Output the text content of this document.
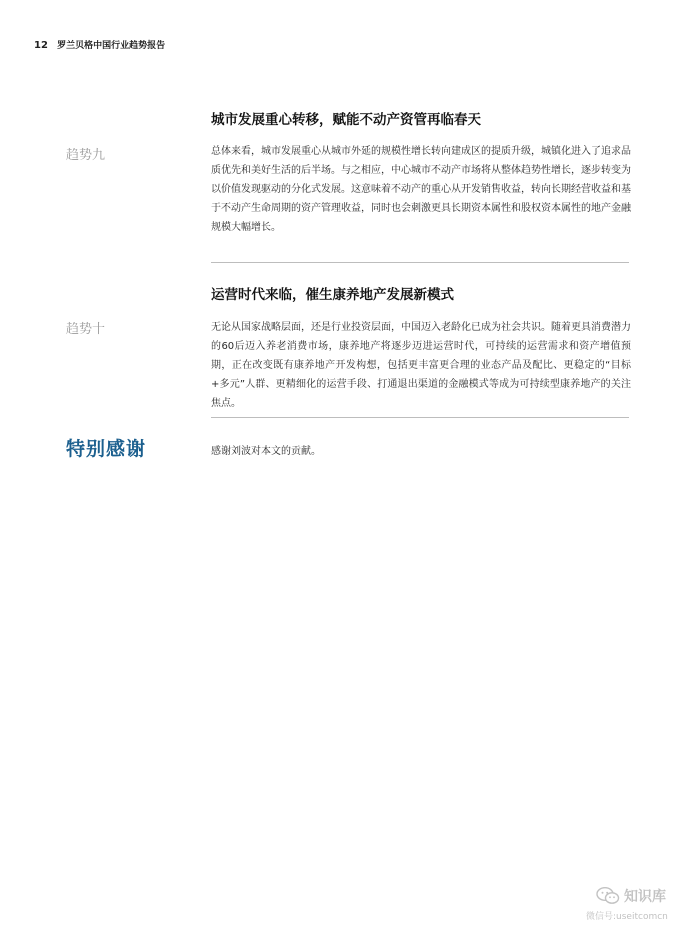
12 罗兰贝格中国行业趋势报告
城市发展重心转移，赋能不动产资管再临春天
趋势九	总体来看，城市发展重心从城市外延的规模性增长转向建成区的提质升级，城镇化进入了追求品质优先和美好生活的后半场。与之相应，中心城市不动产市场将从整体趋势性增长，逐步转变为以价值发现驱动的分化式发展。这意味着不动产的重心从开发销售收益，转向长期经营收益和基于不动产生命周期的资产管理收益，同时也会刺激更具长期资本属性和股权资本属性的地产金融规模大幅增长。
运营时代来临，催生康养地产发展新模式
趋势十	无论从国家战略层面，还是行业投资层面，中国迈入老龄化已成为社会共识。随着更具消费潜力的60后迈入养老消费市场，康养地产将逐步迈进运营时代，可持续的运营需求和资产增值预期，正在改变既有康养地产开发构想，包括更丰富更合理的业态产品及配比、更稳定的“目标+多元”人群、更精细化的运营手段、打通退出渠道的金融模式等成为可持续型康养地产的关注焦点。
特别感谢	感谢刘波对本文的贡献。
知识库
微信号:useitcomcn
